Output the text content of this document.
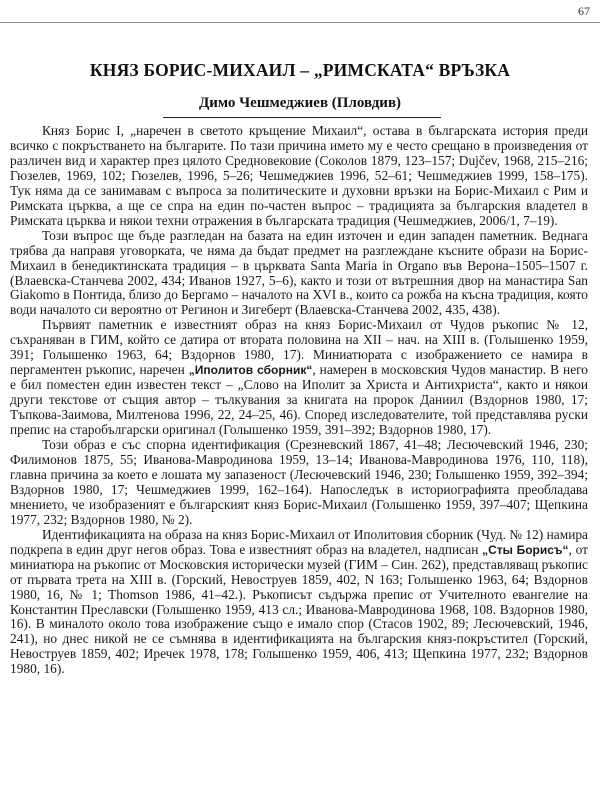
67
КНЯЗ БОРИС-МИХАИЛ – „РИМСКАТА“ ВРЪЗКА
Димо Чешмеджиев (Пловдив)

Княз Борис I, „наречен в светото кръщение Михаил“, остава в българската история преди всичко с покръстването на българите. По тази причина името му е често срещано в произведения от различен вид и характер през цялото Средновековие (Соколов 1879, 123–157; Dujčev, 1968, 215–216; Гюзелев, 1969, 102; Гюзелев, 1996, 5–26; Чешмеджиев 1996, 52–61; Чешмеджиев 1999, 158–175). Тук няма да се занимавам с въпроса за политическите и духовни връзки на Борис-Михаил с Рим и Римската църква, а ще се спра на един по-частен въпрос – традицията за българския владетел в Римската църква и някои техни отражения в българската традиция (Чешмеджиев, 2006/1, 7–19).

Този въпрос ще бъде разгледан на базата на един източен и един западен паметник. Веднага трябва да направя уговорката, че няма да бъдат предмет на разглеждане късните образи на Борис-Михаил в бенедиктинската традиция – в църквата Santa Maria in Organo във Верона–1505–1507 г. (Влаевска-Станчева 2002, 434; Иванов 1927, 5–6), както и този от вътрешния двор на манастира San Giakomo в Понтида, близо до Бергамо – началото на XVI в., които са рожба на късна традиция, която води началото си вероятно от Регинон и Зигеберт (Влаевска-Станчева 2002, 435, 438).

Първият паметник е известният образ на княз Борис-Михаил от Чудов ръкопис № 12, съхраняван в ГИМ, който се датира от втората половина на XII – нач. на XIII в. (Голышенко 1959, 391; Голышенко 1963, 64; Вздорнов 1980, 17). Миниатюрата с изображението се намира в пергаментен ръкопис, наречен „Иполитов сборник“, намерен в московския Чудов манастир. В него е бил поместен един известен текст – „Слово на Иполит за Христа и Антихриста“, както и някои други текстове от същия автор – тълкувания за книгата на пророк Даниил (Вздорнов 1980, 17; Тъпкова-Заимова, Милтенова 1996, 22, 24–25, 46). Според изследователите, той представлява руски препис на старобългарски оригинал (Голышенко 1959, 391–392; Вздорнов 1980, 17).

Този образ е със спорна идентификация (Срезневский 1867, 41–48; Лесючевский 1946, 230; Филимонов 1875, 55; Иванова-Мавродинова 1959, 13–14; Иванова-Мавродинова 1976, 110, 118), главна причина за което е лошата му запазеност (Лесючевский 1946, 230; Голышенко 1959, 392–394; Вздорнов 1980, 17; Чешмеджиев 1999, 162–164). Напоследък в историографията преобладава мнението, че изобразеният е българският княз Борис-Михаил (Голышенко 1959, 397–407; Щепкина 1977, 232; Вздорнов 1980, № 2).

Идентификацията на образа на княз Борис-Михаил от Иполитовия сборник (Чуд. № 12) намира подкрепа в един друг негов образ. Това е известният образ на владетел, надписан „Сты Борисъ“, от миниатюра на ръкопис от Московския исторически музей (ГИМ – Син. 262), представляващ ръкопис от първата трета на XIII в. (Горский, Невоструев 1859, 402, N 163; Голышенко 1963, 64; Вздорнов 1980, 16, № 1; Thomson 1986, 41–42.). Ръкописът съдържа препис от Учителното евангелие на Константин Преславски (Голышенко 1959, 413 сл.; Иванова-Мавродинова 1968, 108. Вздорнов 1980, 16). В миналото около това изображение също е имало спор (Стасов 1902, 89; Лесючевский, 1946, 241), но днес никой не се съмнява в идентификацията на българския княз-покръстител (Горский, Невоструев 1859, 402; Иречек 1978, 178; Голышенко 1959, 406, 413; Щепкина 1977, 232; Вздорнов 1980, 16).
